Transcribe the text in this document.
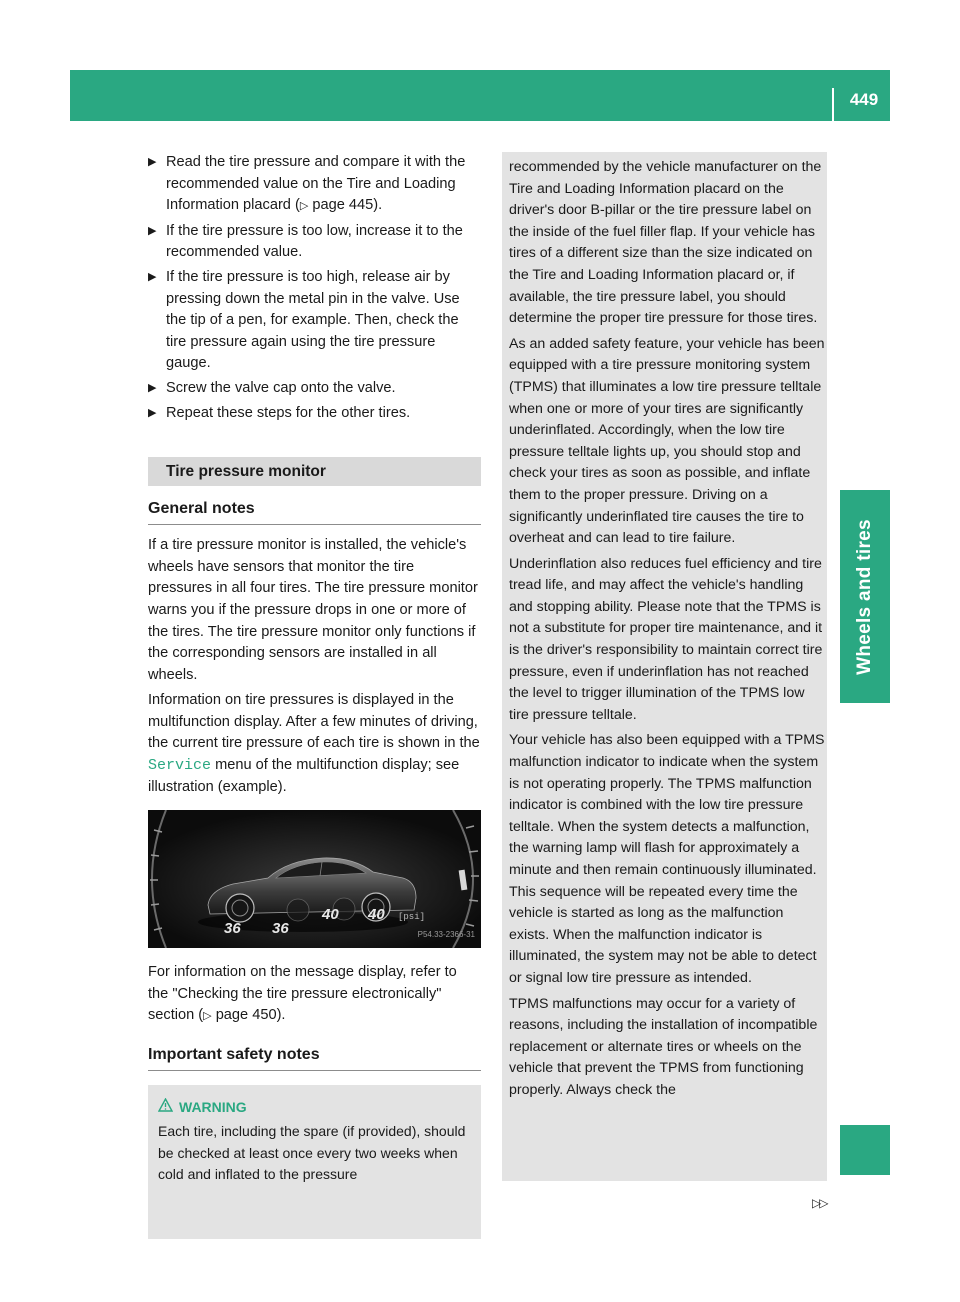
Tire pressure
449
Wheels and tires
▶ Read the tire pressure and compare it with the recommended value on the Tire and Loading Information placard (▷ page 445).
▶ If the tire pressure is too low, increase it to the recommended value.
▶ If the tire pressure is too high, release air by pressing down the metal pin in the valve. Use the tip of a pen, for example. Then, check the tire pressure again using the tire pressure gauge.
▶ Screw the valve cap onto the valve.
▶ Repeat these steps for the other tires.
Tire pressure monitor
General notes
If a tire pressure monitor is installed, the vehicle's wheels have sensors that monitor the tire pressures in all four tires. The tire pressure monitor warns you if the pressure drops in one or more of the tires. The tire pressure monitor only functions if the corresponding sensors are installed in all wheels.
Information on tire pressures is displayed in the multifunction display. After a few minutes of driving, the current tire pressure of each tire is shown in the Service menu of the multifunction display; see illustration (example).
36 36
40 40 [psi]
P54.33-2366-31
For information on the message display, refer to the "Checking the tire pressure electronically" section (▷ page 450).
Important safety notes
WARNING
Each tire, including the spare (if provided), should be checked at least once every two weeks when cold and inflated to the pressure

recommended by the vehicle manufacturer on the Tire and Loading Information placard on the driver's door B-pillar or the tire pressure label on the inside of the fuel filler flap. If your vehicle has tires of a different size than the size indicated on the Tire and Loading Information placard or, if available, the tire pressure label, you should determine the proper tire pressure for those tires.

As an added safety feature, your vehicle has been equipped with a tire pressure monitoring system (TPMS) that illuminates a low tire pressure telltale when one or more of your tires are significantly underinflated. Accordingly, when the low tire pressure telltale lights up, you should stop and check your tires as soon as possible, and inflate them to the proper pressure. Driving on a significantly underinflated tire causes the tire to overheat and can lead to tire failure.

Underinflation also reduces fuel efficiency and tire tread life, and may affect the vehicle's handling and stopping ability. Please note that the TPMS is not a substitute for proper tire maintenance, and it is the driver's responsibility to maintain correct tire pressure, even if underinflation has not reached the level to trigger illumination of the TPMS low tire pressure telltale.

Your vehicle has also been equipped with a TPMS malfunction indicator to indicate when the system is not operating properly. The TPMS malfunction indicator is combined with the low tire pressure telltale. When the system detects a malfunction, the warning lamp will flash for approximately a minute and then remain continuously illuminated. This sequence will be repeated every time the vehicle is started as long as the malfunction exists. When the malfunction indicator is illuminated, the system may not be able to detect or signal low tire pressure as intended.

TPMS malfunctions may occur for a variety of reasons, including the installation of incompatible replacement or alternate tires or wheels on the vehicle that prevent the TPMS from functioning properly. Always check the

▷▷
